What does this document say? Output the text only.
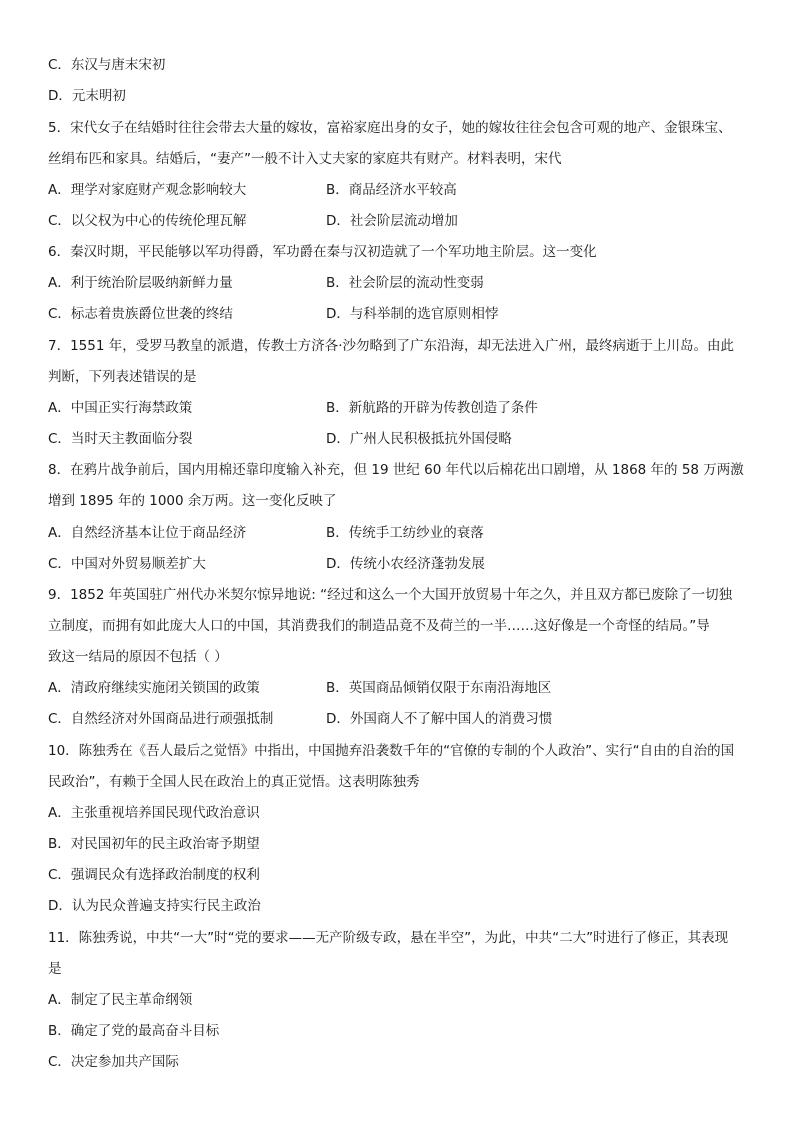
C．东汉与唐末宋初
D．元末明初
5．宋代女子在结婚时往往会带去大量的嫁妆，富裕家庭出身的女子，她的嫁妆往往会包含可观的地产、金银珠宝、
丝绢布匹和家具。结婚后，“妻产”一般不计入丈夫家的家庭共有财产。材料表明，宋代
A．理学对家庭财产观念影响较大	B．商品经济水平较高
C．以父权为中心的传统伦理瓦解	D．社会阶层流动增加
6．秦汉时期，平民能够以军功得爵，军功爵在秦与汉初造就了一个军功地主阶层。这一变化
A．利于统治阶层吸纳新鲜力量	B．社会阶层的流动性变弱
C．标志着贵族爵位世袭的终结	D．与科举制的选官原则相悖
7．1551 年，受罗马教皇的派遣，传教士方济各·沙勿略到了广东沿海，却无法进入广州，最终病逝于上川岛。由此
判断，下列表述错误的是
A．中国正实行海禁政策	B．新航路的开辟为传教创造了条件
C．当时天主教面临分裂	D．广州人民积极抵抗外国侵略
8．在鸦片战争前后，国内用棉还靠印度输入补充，但 19 世纪 60 年代以后棉花出口剧增，从 1868 年的 58 万两激
增到 1895 年的 1000 余万两。这一变化反映了
A．自然经济基本让位于商品经济	B．传统手工纺纱业的衰落
C．中国对外贸易顺差扩大	D．传统小农经济蓬勃发展
9．1852 年英国驻广州代办米契尔惊异地说: “经过和这么一个大国开放贸易十年之久，并且双方都已废除了一切独
立制度，而拥有如此庞大人口的中国，其消费我们的制造品竟不及荷兰的一半……这好像是一个奇怪的结局。”导
致这一结局的原因不包括（ ）
A．清政府继续实施闭关锁国的政策	B．英国商品倾销仅限于东南沿海地区
C．自然经济对外国商品进行顽强抵制	D．外国商人不了解中国人的消费习惯
10．陈独秀在《吾人最后之觉悟》中指出，中国抛弃沿袭数千年的“官僚的专制的个人政治”、实行“自由的自治的国
民政治”，有赖于全国人民在政治上的真正觉悟。这表明陈独秀
A．主张重视培养国民现代政治意识
B．对民国初年的民主政治寄予期望
C．强调民众有选择政治制度的权利
D．认为民众普遍支持实行民主政治
11．陈独秀说，中共“一大”时“党的要求——无产阶级专政，悬在半空”，为此，中共“二大”时进行了修正，其表现
是
A．制定了民主革命纲领
B．确定了党的最高奋斗目标
C．决定参加共产国际
